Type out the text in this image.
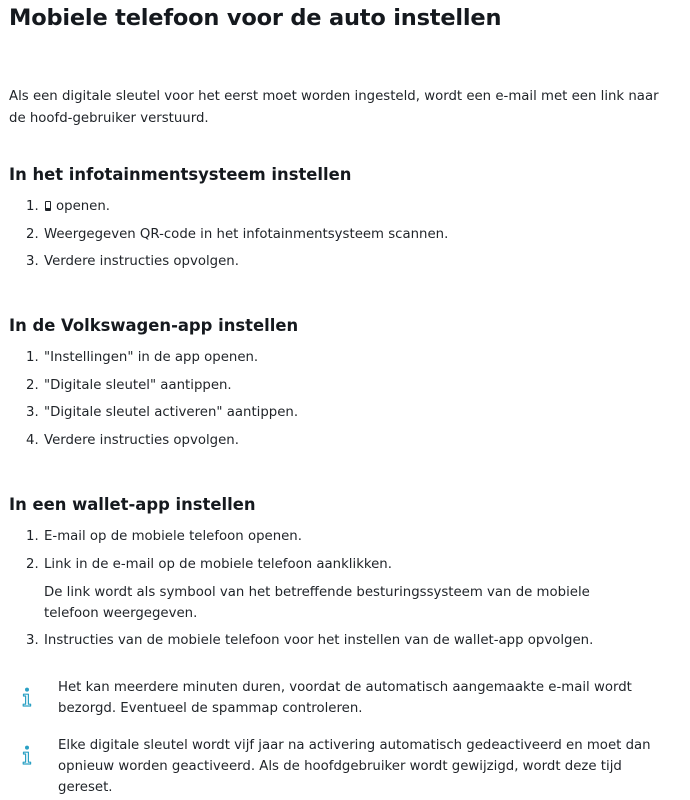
Mobiele telefoon voor de auto instellen

Als een digitale sleutel voor het eerst moet worden ingesteld, wordt een e-mail met een link naar de hoofd-gebruiker verstuurd.

In het infotainmentsysteem instellen
1. openen.
2. Weergegeven QR-code in het infotainmentsysteem scannen.
3. Verdere instructies opvolgen.
In de Volkswagen-app instellen
1. "Instellingen" in de app openen.
2. "Digitale sleutel" aantippen.
3. "Digitale sleutel activeren" aantippen.
4. Verdere instructies opvolgen.
In een wallet-app instellen
1. E-mail op de mobiele telefoon openen.
2. Link in de e-mail op de mobiele telefoon aanklikken.
De link wordt als symbool van het betreffende besturingssysteem van de mobiele telefoon weergegeven.
3. Instructies van de mobiele telefoon voor het instellen van de wallet-app opvolgen.
Het kan meerdere minuten duren, voordat de automatisch aangemaakte e-mail wordt bezorgd. Eventueel de spammap controleren.
Elke digitale sleutel wordt vijf jaar na activering automatisch gedeactiveerd en moet dan opnieuw worden geactiveerd. Als de hoofdgebruiker wordt gewijzigd, wordt deze tijd gereset.
